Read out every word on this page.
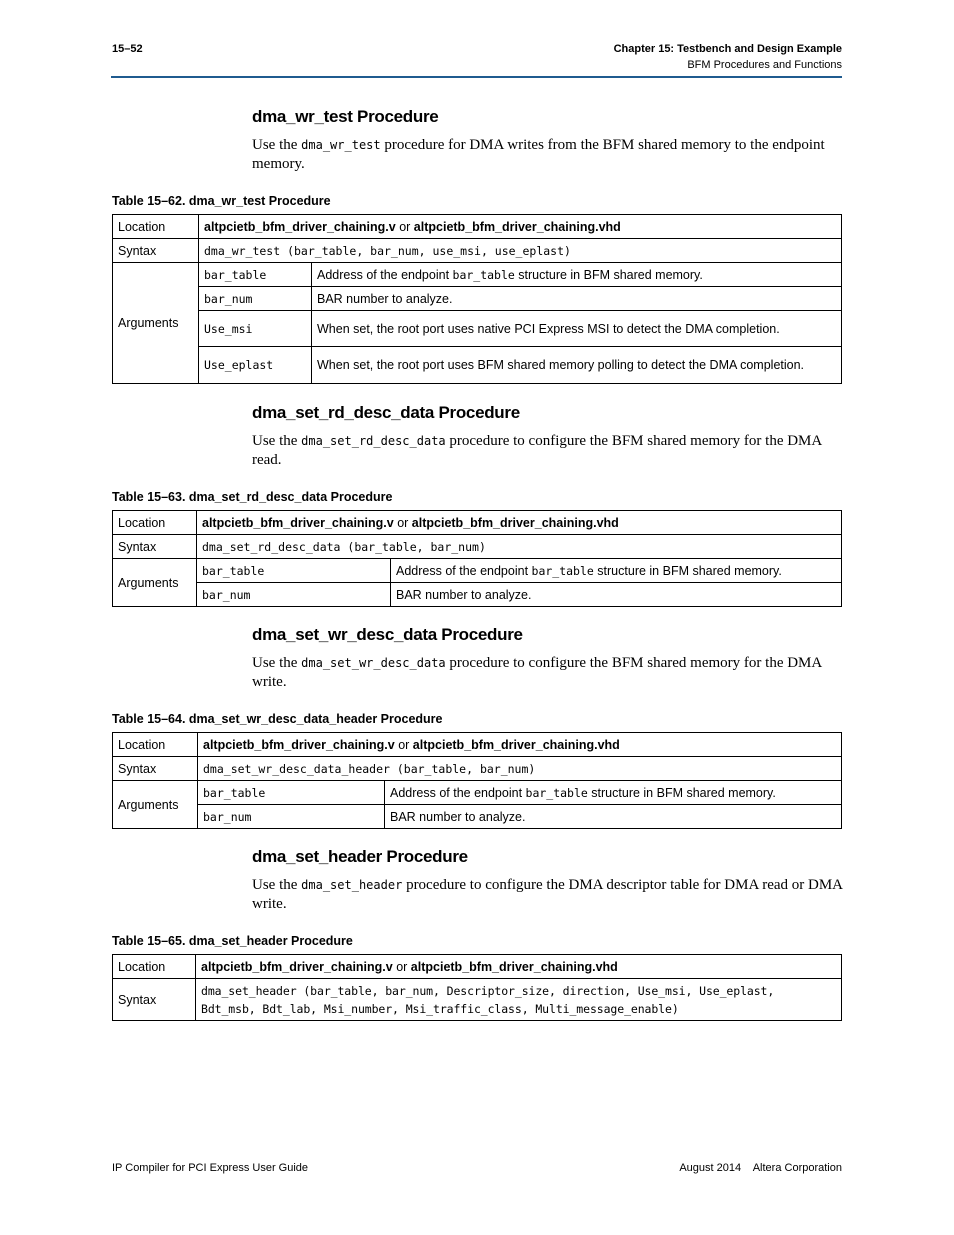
15–52	Chapter 15: Testbench and Design Example
BFM Procedures and Functions
dma_wr_test Procedure
Use the dma_wr_test procedure for DMA writes from the BFM shared memory to the endpoint memory.
Table 15–62. dma_wr_test Procedure
Location	altpcietb_bfm_driver_chaining.v or altpcietb_bfm_driver_chaining.vhd	
Syntax	dma_wr_test (bar_table, bar_num, use_msi, use_eplast)	
Arguments	bar_table	Address of the endpoint bar_table structure in BFM shared memory.
	bar_num	BAR number to analyze.
	Use_msi	When set, the root port uses native PCI Express MSI to detect the DMA completion.
	Use_eplast	When set, the root port uses BFM shared memory polling to detect the DMA completion.
dma_set_rd_desc_data Procedure
Use the dma_set_rd_desc_data procedure to configure the BFM shared memory for the DMA read.
Table 15–63. dma_set_rd_desc_data Procedure
Location	altpcietb_bfm_driver_chaining.v or altpcietb_bfm_driver_chaining.vhd	
Syntax	dma_set_rd_desc_data (bar_table, bar_num)	
Arguments	bar_table	Address of the endpoint bar_table structure in BFM shared memory.
	bar_num	BAR number to analyze.
dma_set_wr_desc_data Procedure
Use the dma_set_wr_desc_data procedure to configure the BFM shared memory for the DMA write.
Table 15–64. dma_set_wr_desc_data_header Procedure
Location	altpcietb_bfm_driver_chaining.v or altpcietb_bfm_driver_chaining.vhd	
Syntax	dma_set_wr_desc_data_header (bar_table, bar_num)	
Arguments	bar_table	Address of the endpoint bar_table structure in BFM shared memory.
	bar_num	BAR number to analyze.
dma_set_header Procedure
Use the dma_set_header procedure to configure the DMA descriptor table for DMA read or DMA write.
Table 15–65. dma_set_header Procedure
Location	altpcietb_bfm_driver_chaining.v or altpcietb_bfm_driver_chaining.vhd
Syntax	dma_set_header (bar_table, bar_num, Descriptor_size, direction, Use_msi, Use_eplast,
Bdt_msb, Bdt_lab, Msi_number, Msi_traffic_class, Multi_message_enable)
IP Compiler for PCI Express User Guide	August 2014    Altera Corporation
